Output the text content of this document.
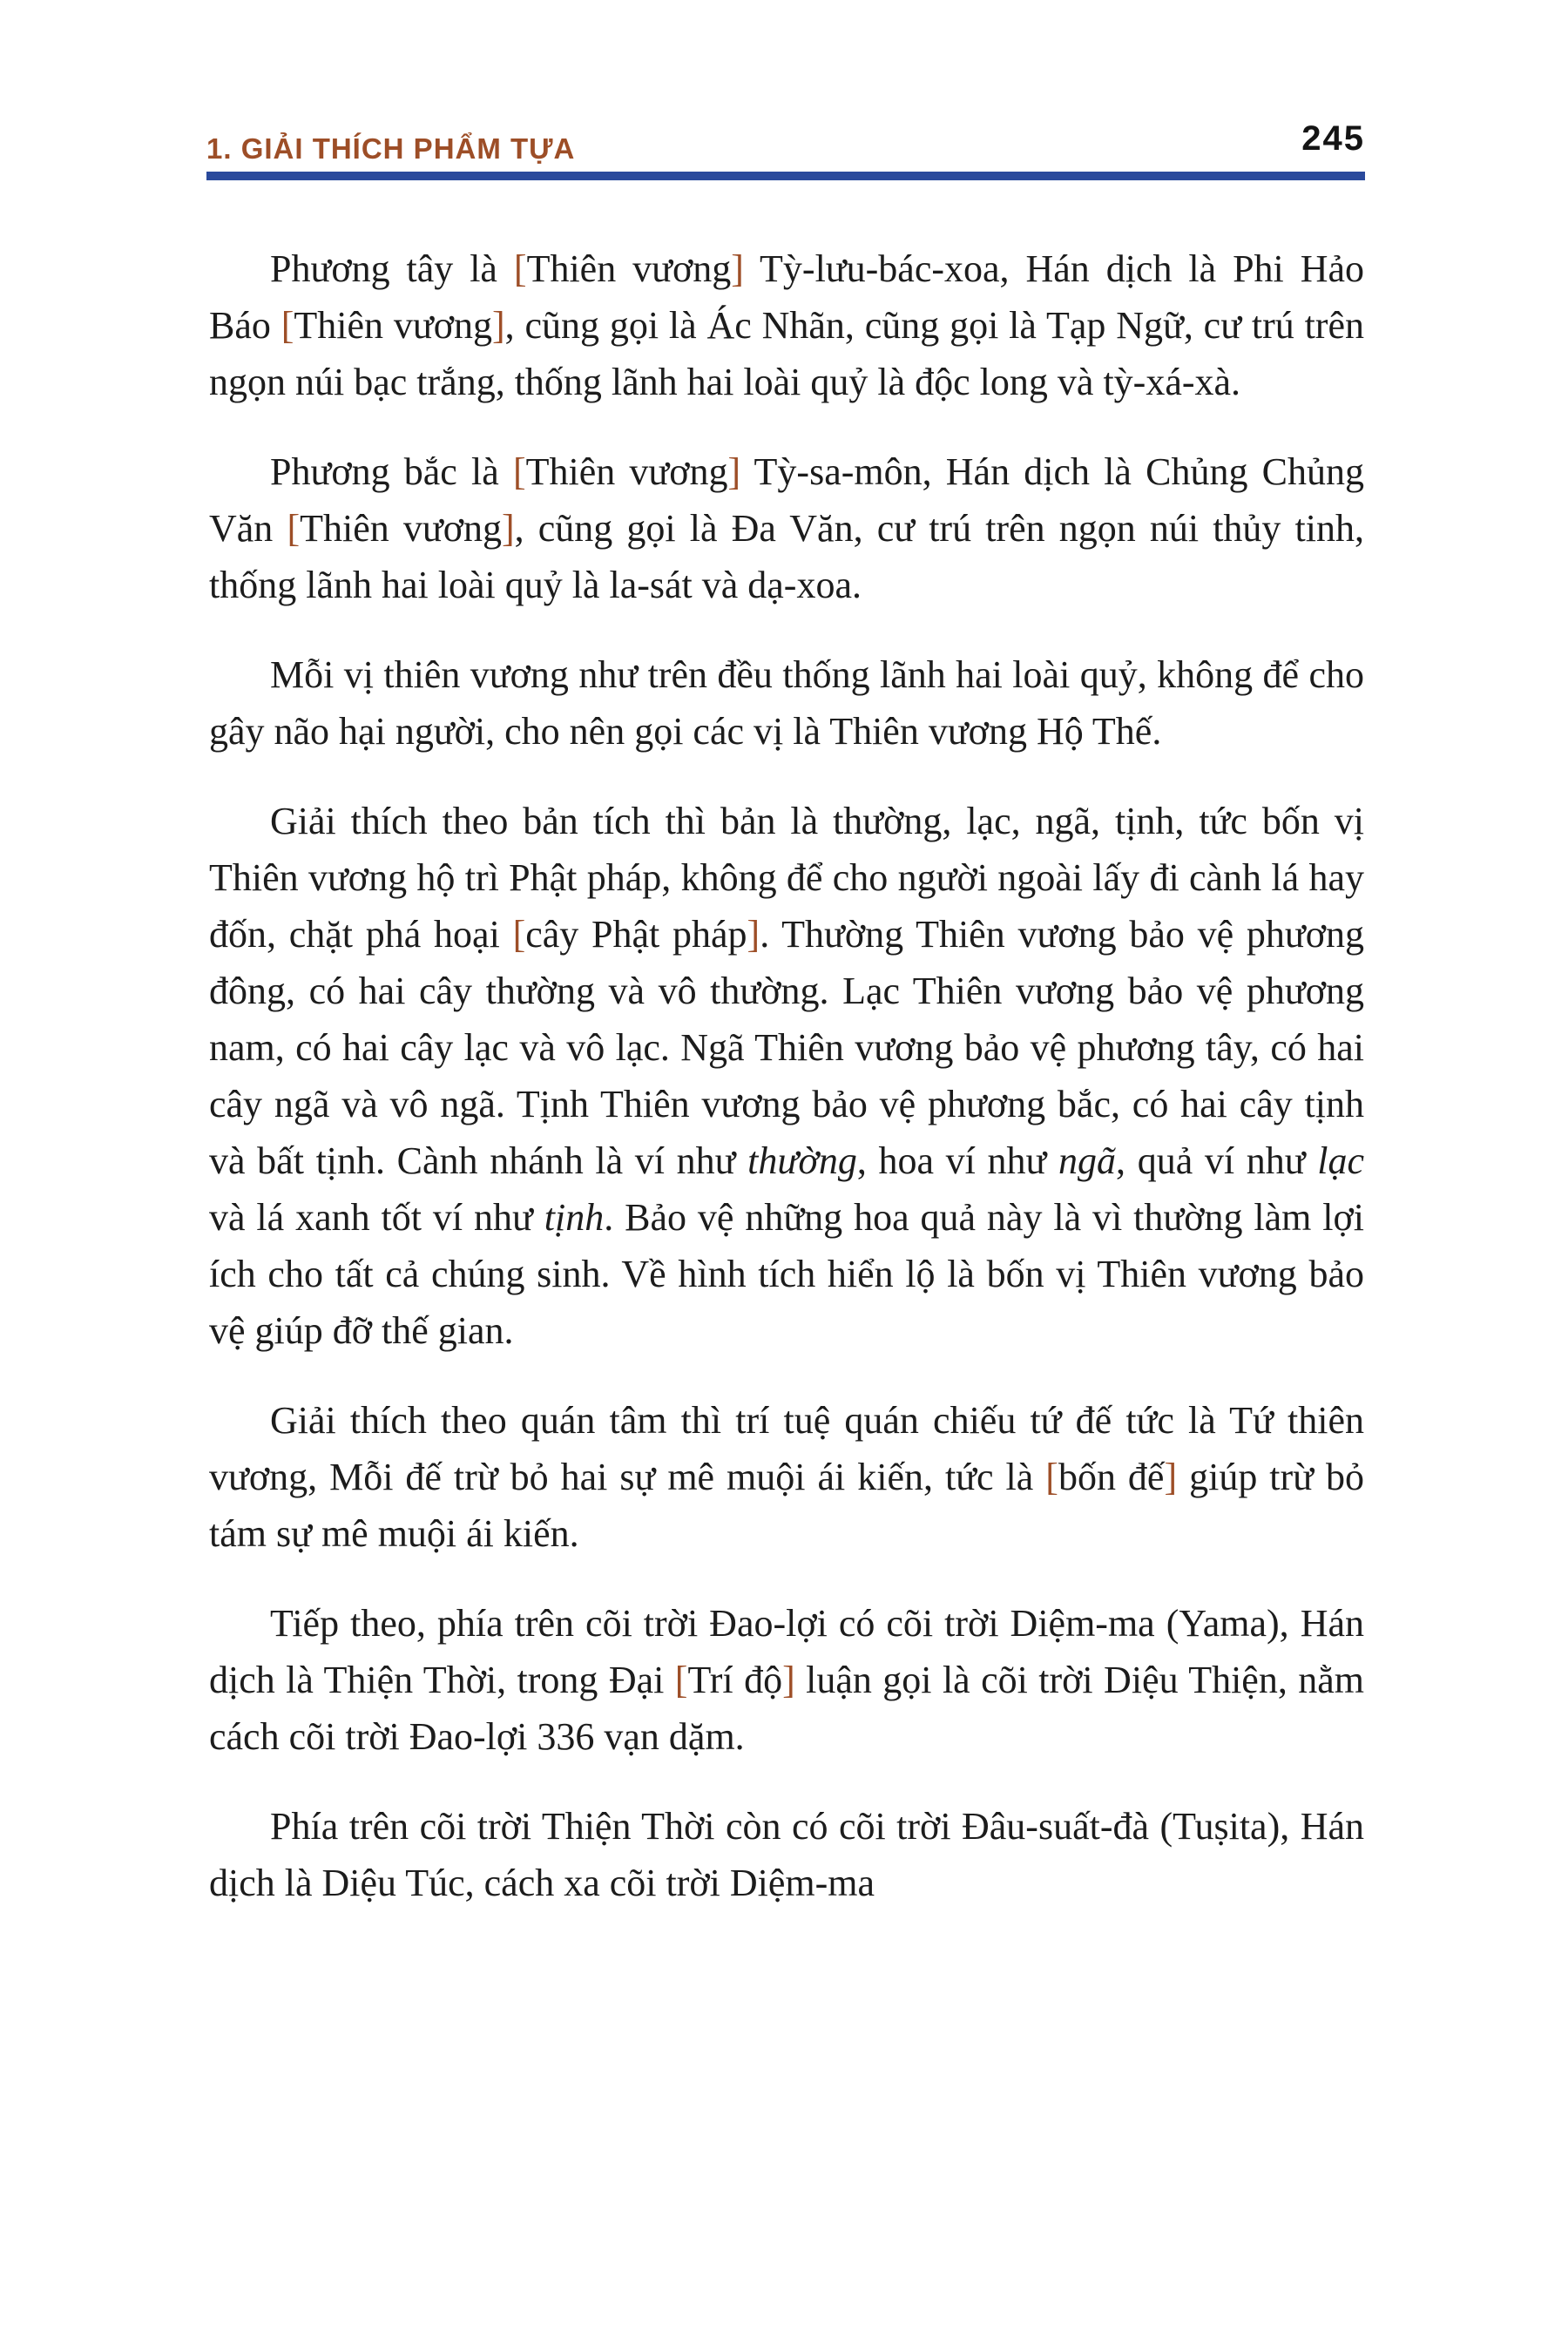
1. GIẢI THÍCH PHẨM TỰA	245

Phương tây là [Thiên vương] Tỳ-lưu-bác-xoa, Hán dịch là Phi Hảo Báo [Thiên vương], cũng gọi là Ác Nhãn, cũng gọi là Tạp Ngữ, cư trú trên ngọn núi bạc trắng, thống lãnh hai loài quỷ là độc long và tỳ-xá-xà.

Phương bắc là [Thiên vương] Tỳ-sa-môn, Hán dịch là Chủng Chủng Văn [Thiên vương], cũng gọi là Đa Văn, cư trú trên ngọn núi thủy tinh, thống lãnh hai loài quỷ là la-sát và dạ-xoa.

Mỗi vị thiên vương như trên đều thống lãnh hai loài quỷ, không để cho gây não hại người, cho nên gọi các vị là Thiên vương Hộ Thế.

Giải thích theo bản tích thì bản là thường, lạc, ngã, tịnh, tức bốn vị Thiên vương hộ trì Phật pháp, không để cho người ngoài lấy đi cành lá hay đốn, chặt phá hoại [cây Phật pháp]. Thường Thiên vương bảo vệ phương đông, có hai cây thường và vô thường. Lạc Thiên vương bảo vệ phương nam, có hai cây lạc và vô lạc. Ngã Thiên vương bảo vệ phương tây, có hai cây ngã và vô ngã. Tịnh Thiên vương bảo vệ phương bắc, có hai cây tịnh và bất tịnh. Cành nhánh là ví như thường, hoa ví như ngã, quả ví như lạc và lá xanh tốt ví như tịnh. Bảo vệ những hoa quả này là vì thường làm lợi ích cho tất cả chúng sinh. Về hình tích hiển lộ là bốn vị Thiên vương bảo vệ giúp đỡ thế gian.

Giải thích theo quán tâm thì trí tuệ quán chiếu tứ đế tức là Tứ thiên vương, Mỗi đế trừ bỏ hai sự mê muội ái kiến, tức là [bốn đế] giúp trừ bỏ tám sự mê muội ái kiến.

Tiếp theo, phía trên cõi trời Đao-lợi có cõi trời Diệm-ma (Yama), Hán dịch là Thiện Thời, trong Đại [Trí độ] luận gọi là cõi trời Diệu Thiện, nằm cách cõi trời Đao-lợi 336 vạn dặm.

Phía trên cõi trời Thiện Thời còn có cõi trời Đâu-suất-đà (Tuṣita), Hán dịch là Diệu Túc, cách xa cõi trời Diệm-ma
